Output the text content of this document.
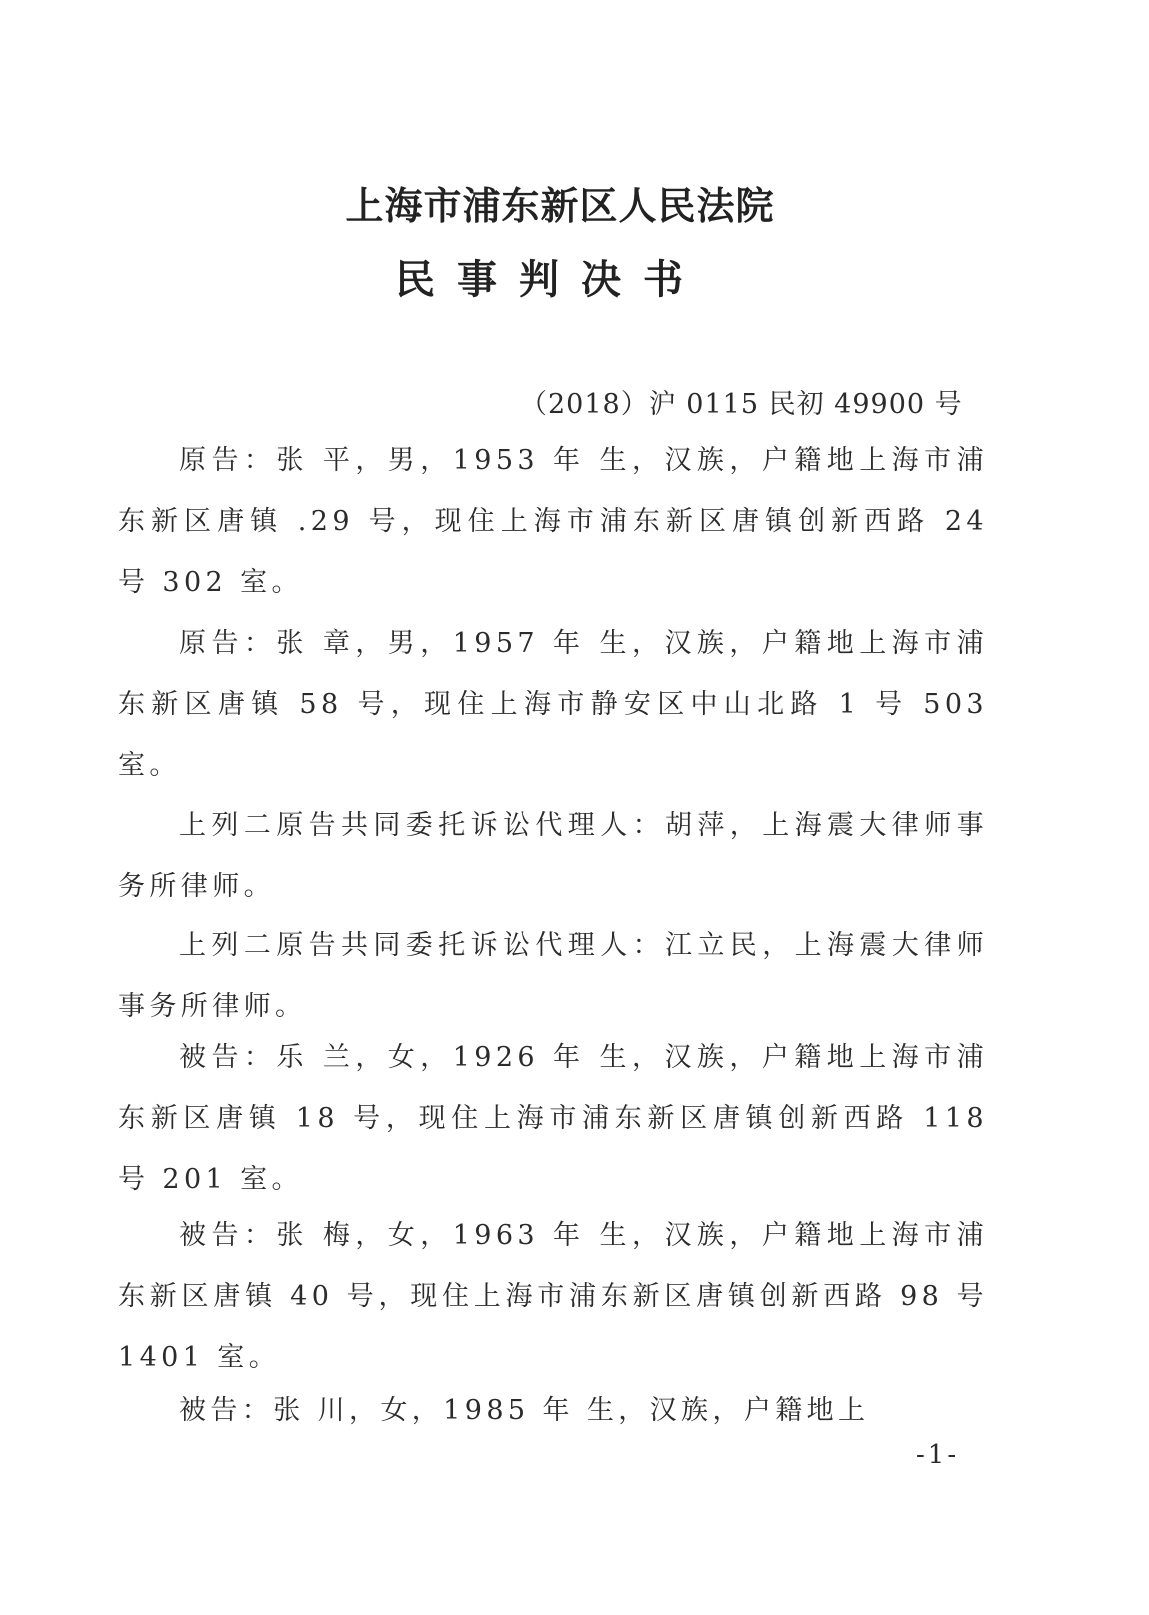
上海市浦东新区人民法院
民事判决书
（2018）沪 0115 民初 49900 号
原告：张 平，男，1953 年 生，汉族，户籍地上海市浦东新区唐镇 .29 号，现住上海市浦东新区唐镇创新西路 24 号 302 室。
原告：张 章，男，1957 年 生，汉族，户籍地上海市浦东新区唐镇 58 号，现住上海市静安区中山北路 1 号 503 室。
上列二原告共同委托诉讼代理人：胡萍，上海震大律师事务所律师。
上列二原告共同委托诉讼代理人：江立民，上海震大律师事务所律师。
被告：乐 兰，女，1926 年 生，汉族，户籍地上海市浦东新区唐镇 18 号，现住上海市浦东新区唐镇创新西路 118 号 201 室。
被告：张 梅，女，1963 年 生，汉族，户籍地上海市浦东新区唐镇 40 号，现住上海市浦东新区唐镇创新西路 98 号 1401 室。
被告：张 川，女，1985 年 生，汉族，户籍地上
-1-
